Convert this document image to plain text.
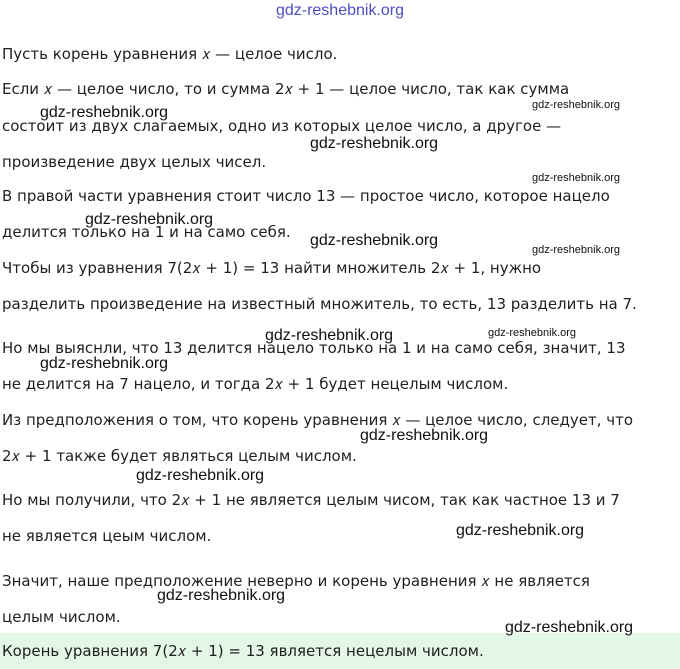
gdz-reshebnik.org

Пусть корень уравнения 𝑥 — целое число.

Если 𝑥 — целое число, то и сумма 2𝑥 + 1 — целое число, так как сумма

состоит из двух слагаемых, одно из которых целое число, а другое —

произведение двух целых чисел.

В правой части уравнения стоит число 13 — простое число, которое нацело

делится только на 1 и на само себя.

Чтобы из уравнения 7(2𝑥 + 1) = 13 найти множитель 2𝑥 + 1, нужно

разделить произведение на известный множитель, то есть, 13 разделить на 7.

Но мы выяснли, что 13 делится нацело только на 1 и на само себя, значит, 13

не делится на 7 нацело, и тогда 2𝑥 + 1 будет нецелым числом.

Из предположения о том, что корень уравнения 𝑥 — целое число, следует, что

2𝑥 + 1 также будет являться целым числом.

Но мы получили, что 2𝑥 + 1 не является целым чисом, так как частное 13 и 7

не является цеым числом.

Значит, наше предположение неверно и корень уравнения 𝑥 не является

целым числом.

Корень уравнения 7(2𝑥 + 1) = 13 является нецелым числом.

gdz-reshebnik.org	gdz-reshebnik.org
gdz-reshebnik.org
gdz-reshebnik.org
gdz-reshebnik.org
gdz-reshebnik.org
gdz-reshebnik.org
gdz-reshebnik.org	gdz-reshebnik.org
gdz-reshebnik.org
gdz-reshebnik.org
gdz-reshebnik.org
gdz-reshebnik.org
gdz-reshebnik.org
gdz-reshebnik.org
